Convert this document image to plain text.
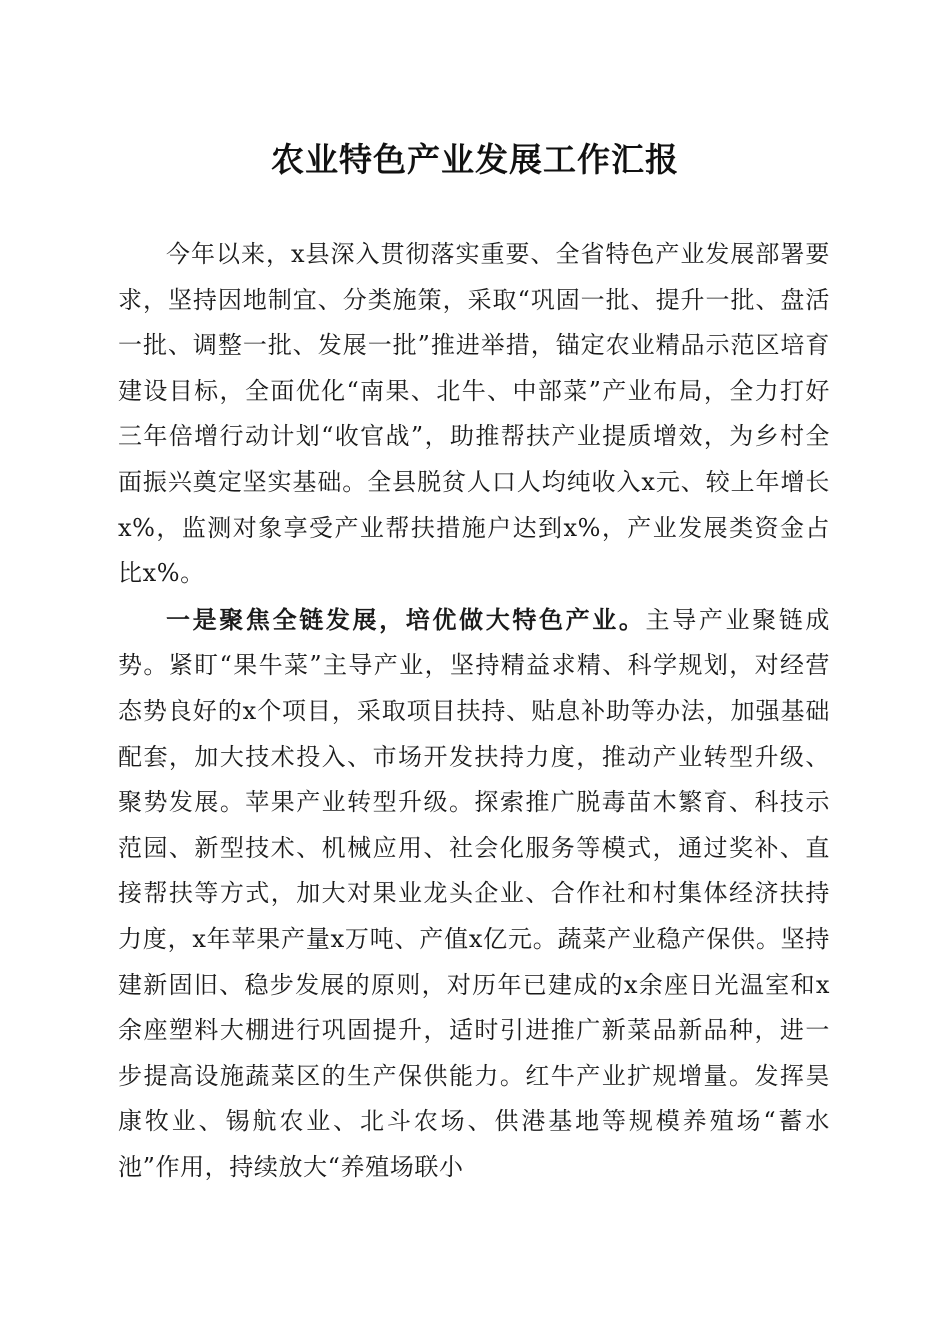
农业特色产业发展工作汇报

今年以来，x县深入贯彻落实重要、全省特色产业发展部署要求，坚持因地制宜、分类施策，采取“巩固一批、提升一批、盘活一批、调整一批、发展一批”推进举措，锚定农业精品示范区培育建设目标，全面优化“南果、北牛、中部菜”产业布局，全力打好三年倍增行动计划“收官战”，助推帮扶产业提质增效，为乡村全面振兴奠定坚实基础。全县脱贫人口人均纯收入x元、较上年增长x%，监测对象享受产业帮扶措施户达到x%，产业发展类资金占比x%。

一是聚焦全链发展，培优做大特色产业。主导产业聚链成势。紧盯“果牛菜”主导产业，坚持精益求精、科学规划，对经营态势良好的x个项目，采取项目扶持、贴息补助等办法，加强基础配套，加大技术投入、市场开发扶持力度，推动产业转型升级、聚势发展。苹果产业转型升级。探索推广脱毒苗木繁育、科技示范园、新型技术、机械应用、社会化服务等模式，通过奖补、直接帮扶等方式，加大对果业龙头企业、合作社和村集体经济扶持力度，x年苹果产量x万吨、产值x亿元。蔬菜产业稳产保供。坚持建新固旧、稳步发展的原则，对历年已建成的x余座日光温室和x余座塑料大棚进行巩固提升，适时引进推广新菜品新品种，进一步提高设施蔬菜区的生产保供能力。红牛产业扩规增量。发挥昊康牧业、锡航农业、北斗农场、供港基地等规模养殖场“蓄水池”作用，持续放大“养殖场联小
